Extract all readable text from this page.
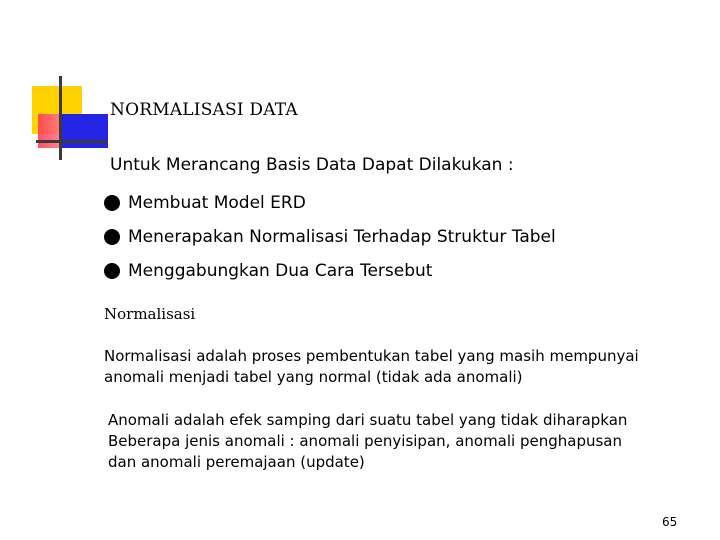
NORMALISASI DATA
Untuk Merancang Basis Data Dapat Dilakukan :
Membuat Model ERD
Menerapakan Normalisasi Terhadap Struktur Tabel
Menggabungkan Dua Cara Tersebut
Normalisasi
Normalisasi adalah proses pembentukan tabel yang masih mempunyai
anomali menjadi tabel yang normal (tidak ada anomali)
Anomali adalah efek samping dari suatu tabel yang tidak diharapkan
Beberapa jenis anomali : anomali penyisipan, anomali penghapusan
dan anomali peremajaan (update)
65
